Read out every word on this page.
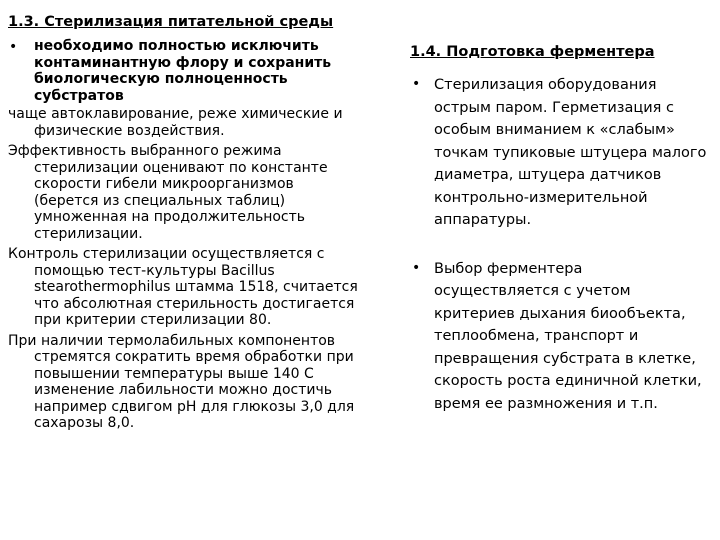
1.3. Стерилизация питательной среды

• необходимо полностью исключить контаминантную флору и сохранить биологическую полноценность субстратов

чаще автоклавирование, реже химические и физические воздействия.

Эффективность выбранного режима стерилизации оценивают по константе скорости гибели микроорганизмов (берется из специальных таблиц) умноженная на продолжительность стерилизации.

Контроль стерилизации осуществляется с помощью тест-культуры Bacillus stearothermophilus штамма 1518, считается что абсолютная стерильность достигается при критерии стерилизации 80.

При наличии термолабильных компонентов стремятся сократить время обработки при повышении температуры выше 140 С изменение лабильности можно достичь например сдвигом рН для глюкозы 3,0 для сахарозы 8,0.

1.4. Подготовка ферментера

• Стерилизация оборудования острым паром. Герметизация с особым вниманием к «слабым» точкам тупиковые штуцера малого диаметра, штуцера датчиков контрольно-измерительной аппаратуры.

• Выбор ферментера осуществляется с учетом критериев дыхания биообъекта, теплообмена, транспорт и превращения субстрата в клетке, скорость роста единичной клетки, время ее размножения и т.п.
